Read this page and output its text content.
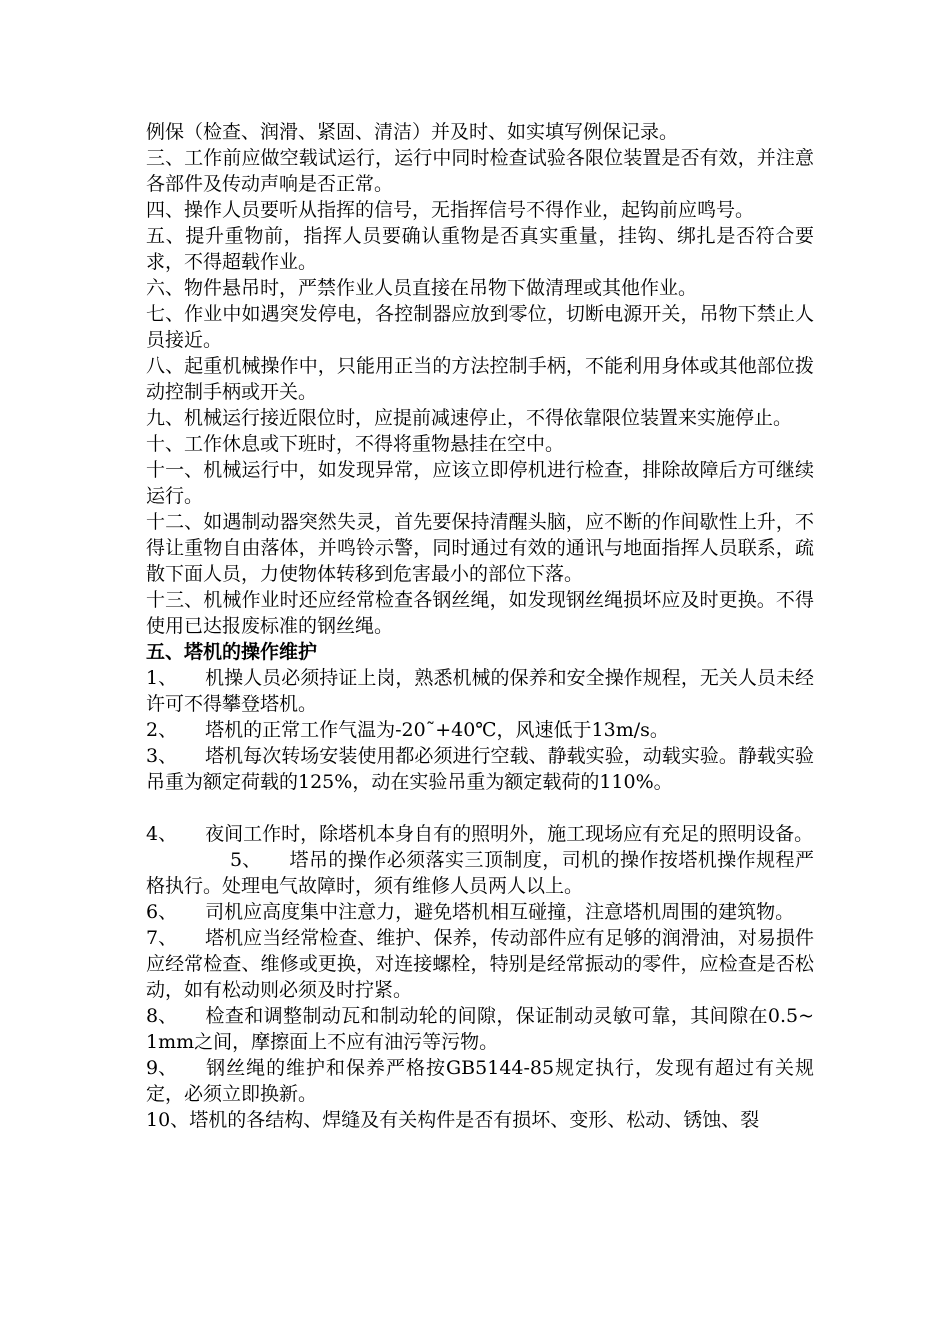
例保（检查、润滑、紧固、清洁）并及时、如实填写例保记录。

三、工作前应做空载试运行，运行中同时检查试验各限位装置是否有效，并注意各部件及传动声响是否正常。

四、操作人员要听从指挥的信号，无指挥信号不得作业，起钩前应鸣号。

五、提升重物前，指挥人员要确认重物是否真实重量，挂钩、绑扎是否符合要求，不得超载作业。

六、物件悬吊时，严禁作业人员直接在吊物下做清理或其他作业。

七、作业中如遇突发停电，各控制器应放到零位，切断电源开关，吊物下禁止人员接近。

八、起重机械操作中，只能用正当的方法控制手柄，不能利用身体或其他部位拨动控制手柄或开关。

九、机械运行接近限位时，应提前减速停止，不得依靠限位装置来实施停止。

十、工作休息或下班时，不得将重物悬挂在空中。

十一、机械运行中，如发现异常，应该立即停机进行检查，排除故障后方可继续运行。

十二、如遇制动器突然失灵，首先要保持清醒头脑，应不断的作间歇性上升，不得让重物自由落体，并鸣铃示警，同时通过有效的通讯与地面指挥人员联系，疏散下面人员，力使物体转移到危害最小的部位下落。

十三、机械作业时还应经常检查各钢丝绳，如发现钢丝绳损坏应及时更换。不得使用已达报废标准的钢丝绳。

五、塔机的操作维护

1、 机操人员必须持证上岗，熟悉机械的保养和安全操作规程，无关人员未经许可不得攀登塔机。

2、 塔机的正常工作气温为-20˜+40℃，风速低于13m/s。

3、 塔机每次转场安装使用都必须进行空载、静载实验，动载实验。静载实验吊重为额定荷载的125%，动在实验吊重为额定载荷的110%。

4、 夜间工作时，除塔机本身自有的照明外，施工现场应有充足的照明设备。

5、 塔吊的操作必须落实三顶制度，司机的操作按塔机操作规程严格执行。处理电气故障时，须有维修人员两人以上。

6、 司机应高度集中注意力，避免塔机相互碰撞，注意塔机周围的建筑物。

7、 塔机应当经常检查、维护、保养，传动部件应有足够的润滑油，对易损件应经常检查、维修或更换，对连接螺栓，特别是经常振动的零件，应检查是否松动，如有松动则必须及时拧紧。

8、 检查和调整制动瓦和制动轮的间隙，保证制动灵敏可靠，其间隙在0.5~1mm之间，摩擦面上不应有油污等污物。

9、 钢丝绳的维护和保养严格按GB5144-85规定执行，发现有超过有关规定，必须立即换新。

10、塔机的各结构、焊缝及有关构件是否有损坏、变形、松动、锈蚀、裂
